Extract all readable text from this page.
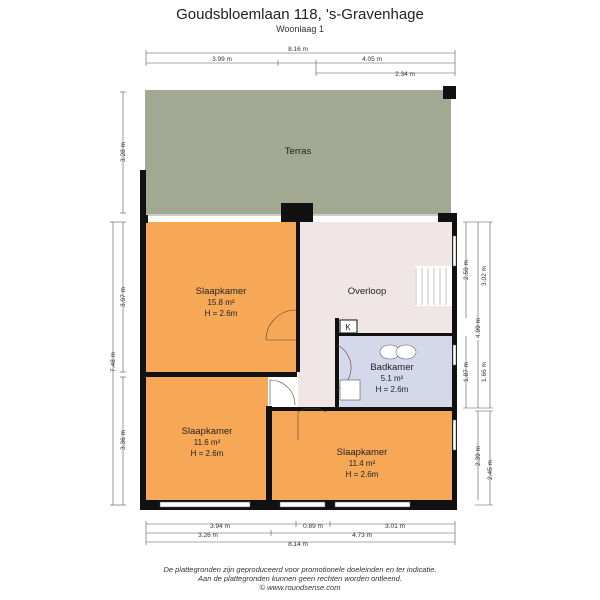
Goudsbloemlaan 118, 's-Gravenhage
Woonlaag 1
Terras
Slaapkamer
15.8 m²
H = 2.6m
Overloop
K
Badkamer
5.1 m²
H = 2.6m
Slaapkamer
11.6 m²
H = 2.6m	Slaapkamer
11.4 m²
H = 2.6m
8.16 m
3.99 m	4.05 m
2.34 m
3.28 m
7.48 m
3.97 m
3.36 m
2.59 m 3.02 m
4.99 m
1.87 m 1.66 m
2.39 m
2.45 m
3.94 m	0.89 m	3.01 m
3.26 m	4.73 m
8.14 m
De plattegronden zijn geproduceerd voor promotionele doeleinden en ter indicatie.
Aan de plattegronden kunnen geen rechten worden ontleend.
© www.roundsense.com
